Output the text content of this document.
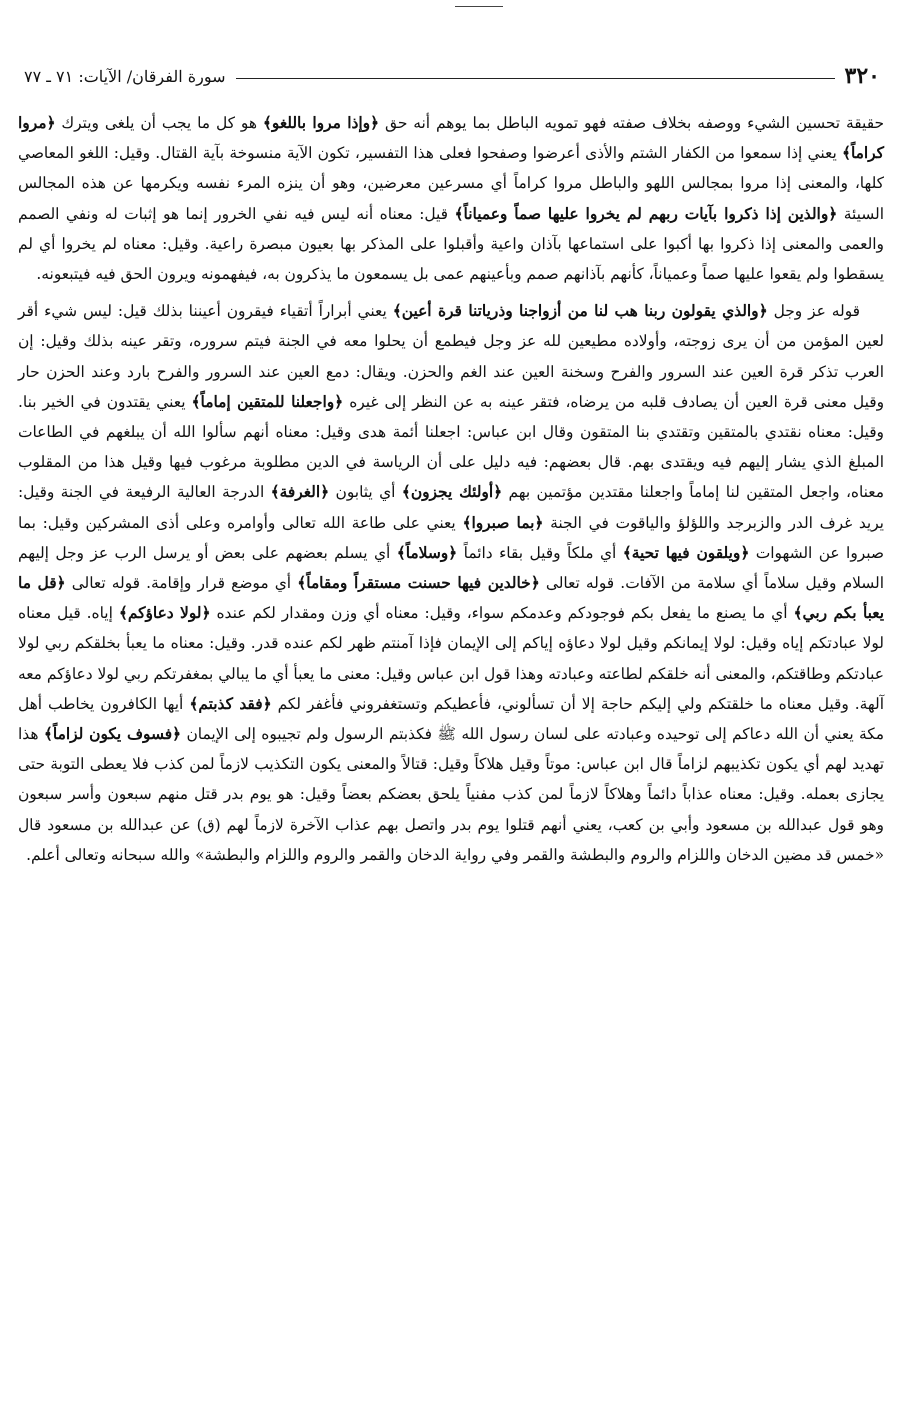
٣٢٠
سورة الفرقان/ الآيات: ٧١ ـ ٧٧

حقيقة تحسين الشيء ووصفه بخلاف صفته فهو تمويه الباطل بما يوهم أنه حق ﴿وإذا مروا باللغو﴾ هو كل ما يجب أن يلغى ويترك ﴿مروا كراماً﴾ يعني إذا سمعوا من الكفار الشتم والأذى أعرضوا وصفحوا فعلى هذا التفسير، تكون الآية منسوخة بآية القتال. وقيل: اللغو المعاصي كلها، والمعنى إذا مروا بمجالس اللهو والباطل مروا كراماً أي مسرعين معرضين، وهو أن ينزه المرء نفسه ويكرمها عن هذه المجالس السيئة ﴿والذين إذا ذكروا بآيات ربهم لم يخروا عليها صماً وعمياناً﴾ قيل: معناه أنه ليس فيه نفي الخرور إنما هو إثبات له ونفي الصمم والعمى والمعنى إذا ذكروا بها أكبوا على استماعها بآذان واعية وأقبلوا على المذكر بها بعيون مبصرة راعية. وقيل: معناه لم يخروا أي لم يسقطوا ولم يقعوا عليها صماً وعمياناً، كأنهم بآذانهم صمم وبأعينهم عمى بل يسمعون ما يذكرون به، فيفهمونه ويرون الحق فيه فيتبعونه.

قوله عز وجل ﴿والذي يقولون ربنا هب لنا من أزواجنا وذرياتنا قرة أعين﴾ يعني أبراراً أتقياء فيقرون أعيننا بذلك قيل: ليس شيء أقر لعين المؤمن من أن يرى زوجته، وأولاده مطيعين لله عز وجل فيطمع أن يحلوا معه في الجنة فيتم سروره، وتقر عينه بذلك وقيل: إن العرب تذكر قرة العين عند السرور والفرح وسخنة العين عند الغم والحزن. ويقال: دمع العين عند السرور والفرح بارد وعند الحزن حار وقيل معنى قرة العين أن يصادف قلبه من يرضاه، فتقر عينه به عن النظر إلى غيره ﴿واجعلنا للمتقين إماماً﴾ يعني يقتدون في الخير بنا. وقيل: معناه نقتدي بالمتقين وتقتدي بنا المتقون وقال ابن عباس: اجعلنا أئمة هدى وقيل: معناه أنهم سألوا الله أن يبلغهم في الطاعات المبلغ الذي يشار إليهم فيه ويقتدى بهم. قال بعضهم: فيه دليل على أن الرياسة في الدين مطلوبة مرغوب فيها وقيل هذا من المقلوب معناه، واجعل المتقين لنا إماماً واجعلنا مقتدين مؤتمين بهم ﴿أولئك يجزون﴾ أي يثابون ﴿الغرفة﴾ الدرجة العالية الرفيعة في الجنة وقيل: يريد غرف الدر والزبرجد واللؤلؤ والياقوت في الجنة ﴿بما صبروا﴾ يعني على طاعة الله تعالى وأوامره وعلى أذى المشركين وقيل: بما صبروا عن الشهوات ﴿ويلقون فيها تحية﴾ أي ملكاً وقيل بقاء دائماً ﴿وسلاماً﴾ أي يسلم بعضهم على بعض أو يرسل الرب عز وجل إليهم السلام وقيل سلاماً أي سلامة من الآفات. قوله تعالى ﴿خالدين فيها حسنت مستقراً ومقاماً﴾ أي موضع قرار وإقامة. قوله تعالى ﴿قل ما يعبأ بكم ربي﴾ أي ما يصنع ما يفعل بكم فوجودكم وعدمكم سواء، وقيل: معناه أي وزن ومقدار لكم عنده ﴿لولا دعاؤكم﴾ إياه. قيل معناه لولا عبادتكم إياه وقيل: لولا إيمانكم وقيل لولا دعاؤه إياكم إلى الإيمان فإذا آمنتم ظهر لكم عنده قدر. وقيل: معناه ما يعبأ بخلقكم ربي لولا عبادتكم وطاقتكم، والمعنى أنه خلقكم لطاعته وعبادته وهذا قول ابن عباس وقيل: معنى ما يعبأ أي ما يبالي بمغفرتكم ربي لولا دعاؤكم معه آلهة. وقيل معناه ما خلقتكم ولي إليكم حاجة إلا أن تسألوني، فأعطيكم وتستغفروني فأغفر لكم ﴿فقد كذبتم﴾ أيها الكافرون يخاطب أهل مكة يعني أن الله دعاكم إلى توحيده وعبادته على لسان رسول الله ﷺ فكذبتم الرسول ولم تجيبوه إلى الإيمان ﴿فسوف يكون لزاماً﴾ هذا تهديد لهم أي يكون تكذيبهم لزاماً قال ابن عباس: موتاً وقيل هلاكاً وقيل: قتالاً والمعنى يكون التكذيب لازماً لمن كذب فلا يعطى التوبة حتى يجازى بعمله. وقيل: معناه عذاباً دائماً وهلاكاً لازماً لمن كذب مفنياً يلحق بعضكم بعضاً وقيل: هو يوم بدر قتل منهم سبعون وأسر سبعون وهو قول عبدالله بن مسعود وأبي بن كعب، يعني أنهم قتلوا يوم بدر واتصل بهم عذاب الآخرة لازماً لهم (ق) عن عبدالله بن مسعود قال «خمس قد مضين الدخان واللزام والروم والبطشة والقمر وفي رواية الدخان والقمر والروم واللزام والبطشة» والله سبحانه وتعالى أعلم.
